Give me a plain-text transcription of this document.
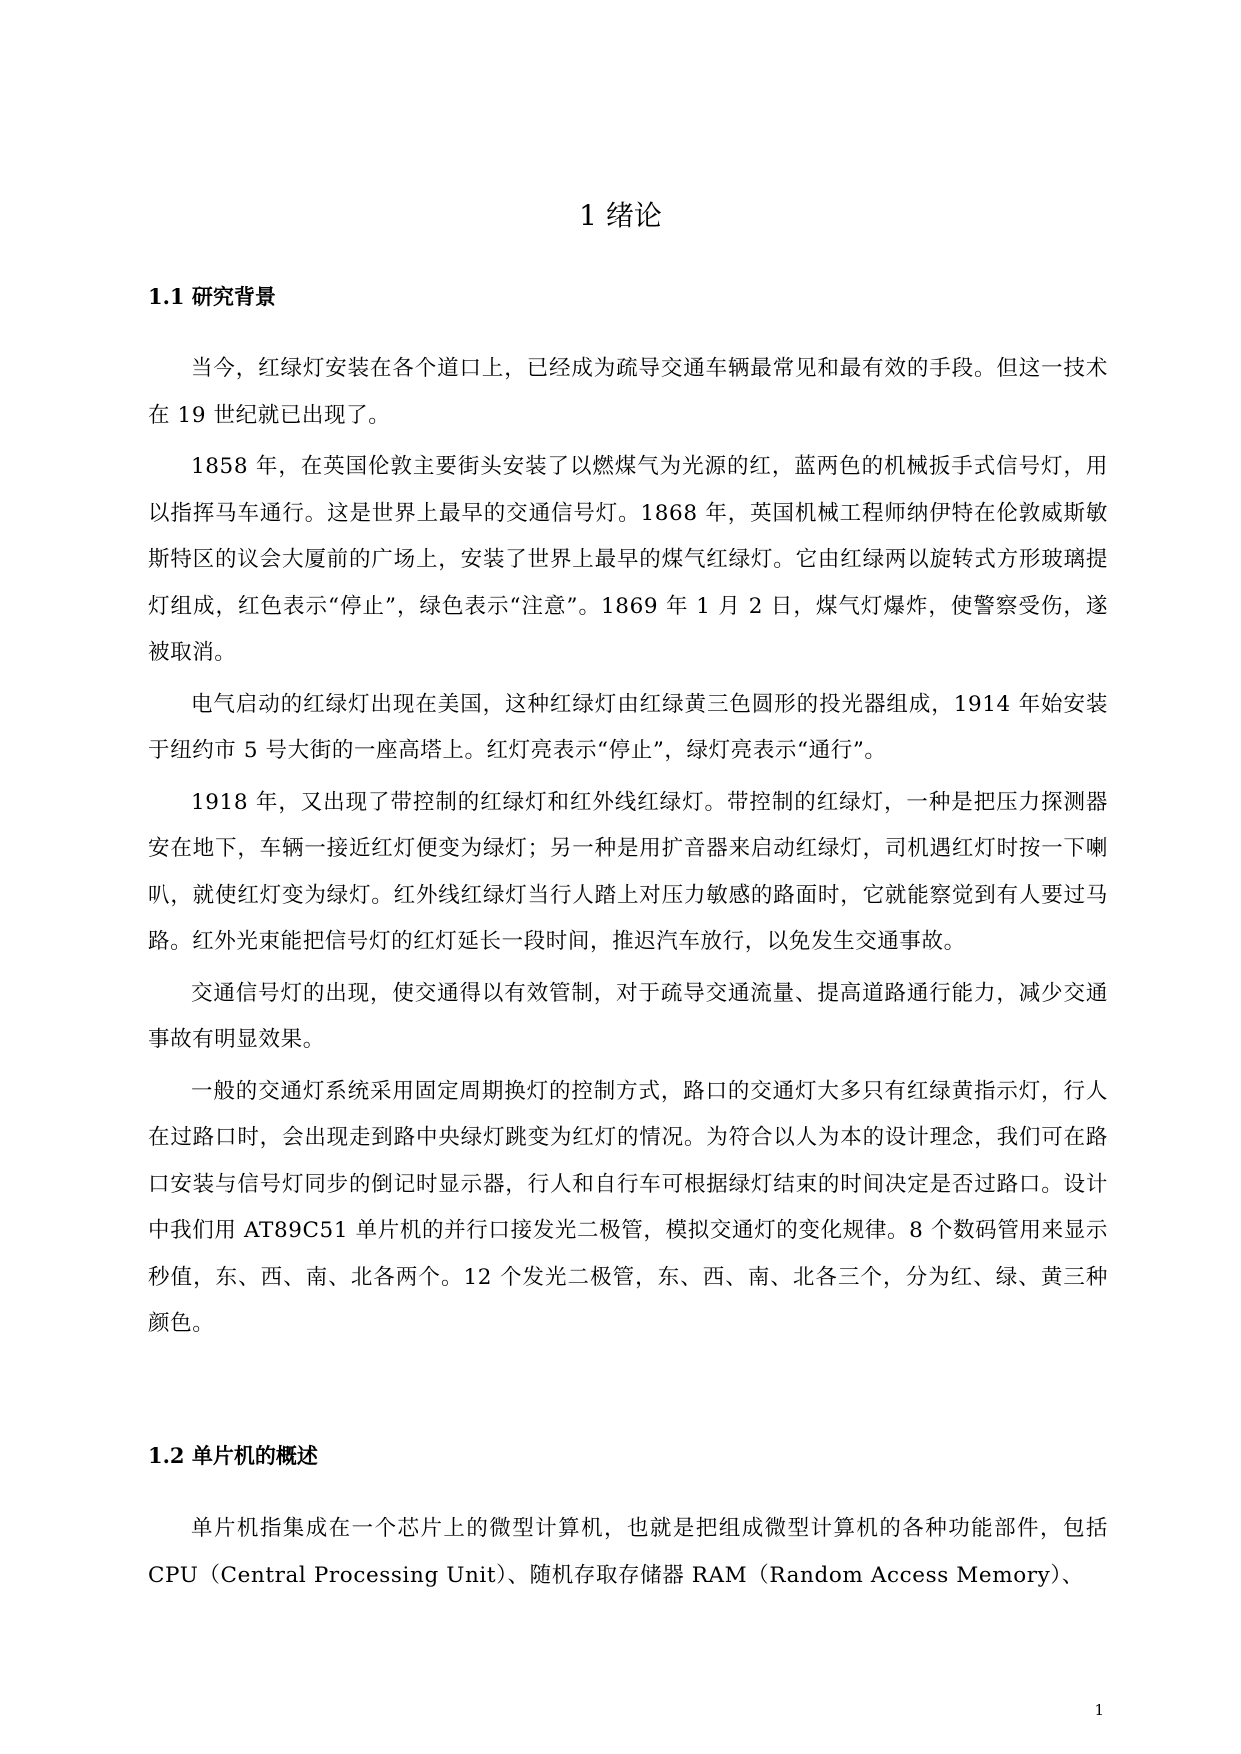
1 绪论
1.1 研究背景

当今，红绿灯安装在各个道口上，已经成为疏导交通车辆最常见和最有效的手段。但这一技术在 19 世纪就已出现了。

1858 年，在英国伦敦主要街头安装了以燃煤气为光源的红，蓝两色的机械扳手式信号灯，用以指挥马车通行。这是世界上最早的交通信号灯。1868 年，英国机械工程师纳伊特在伦敦威斯敏斯特区的议会大厦前的广场上，安装了世界上最早的煤气红绿灯。它由红绿两以旋转式方形玻璃提灯组成，红色表示“停止”，绿色表示“注意”。1869 年 1 月 2 日，煤气灯爆炸，使警察受伤，遂被取消。

电气启动的红绿灯出现在美国，这种红绿灯由红绿黄三色圆形的投光器组成，1914 年始安装于纽约市 5 号大街的一座高塔上。红灯亮表示“停止”，绿灯亮表示“通行”。

1918 年，又出现了带控制的红绿灯和红外线红绿灯。带控制的红绿灯，一种是把压力探测器安在地下，车辆一接近红灯便变为绿灯；另一种是用扩音器来启动红绿灯，司机遇红灯时按一下喇叭，就使红灯变为绿灯。红外线红绿灯当行人踏上对压力敏感的路面时，它就能察觉到有人要过马路。红外光束能把信号灯的红灯延长一段时间，推迟汽车放行，以免发生交通事故。

交通信号灯的出现，使交通得以有效管制，对于疏导交通流量、提高道路通行能力，减少交通事故有明显效果。

一般的交通灯系统采用固定周期换灯的控制方式，路口的交通灯大多只有红绿黄指示灯，行人在过路口时，会出现走到路中央绿灯跳变为红灯的情况。为符合以人为本的设计理念，我们可在路口安装与信号灯同步的倒记时显示器，行人和自行车可根据绿灯结束的时间决定是否过路口。设计中我们用 AT89C51 单片机的并行口接发光二极管，模拟交通灯的变化规律。8 个数码管用来显示秒值，东、西、南、北各两个。12 个发光二极管，东、西、南、北各三个，分为红、绿、黄三种颜色。

1.2 单片机的概述

单片机指集成在一个芯片上的微型计算机，也就是把组成微型计算机的各种功能部件，包括 CPU（Central Processing Unit）、随机存取存储器 RAM（Random Access Memory）、

1
